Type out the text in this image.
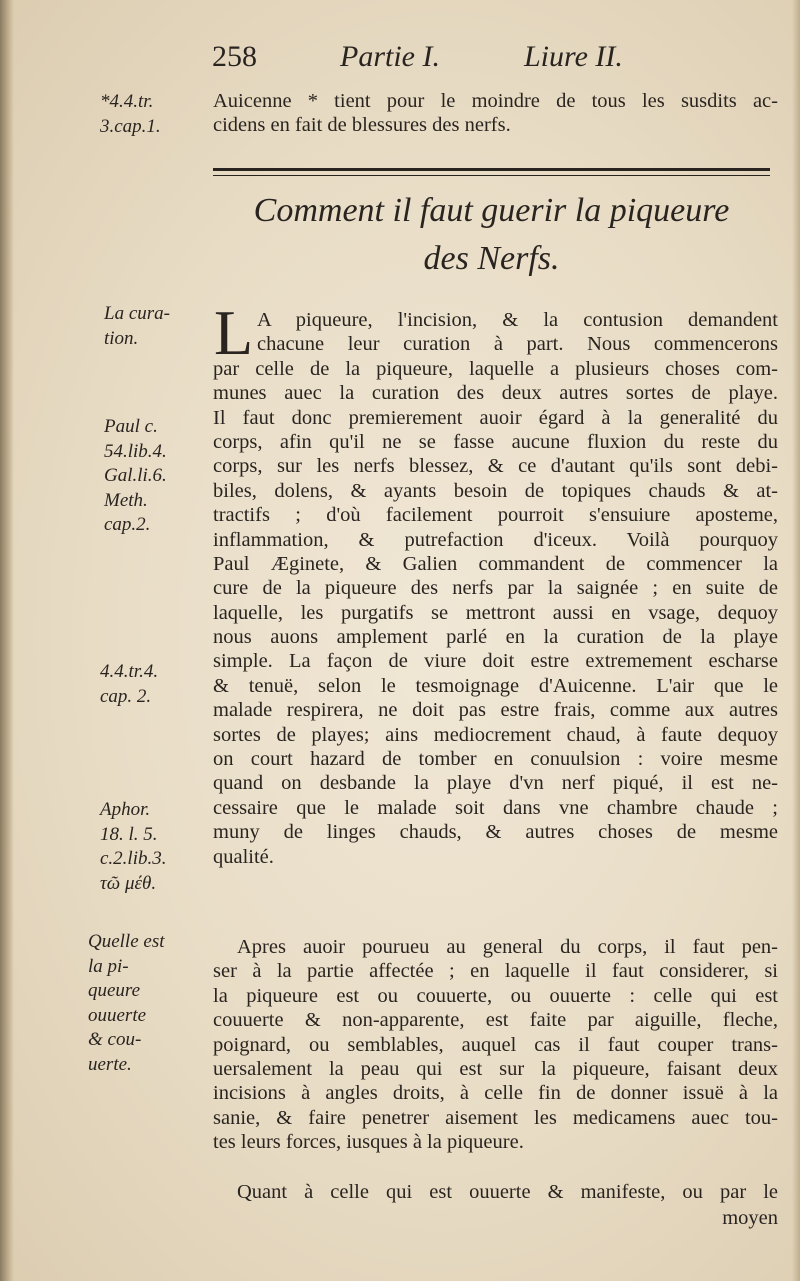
258	Partie I.	Liure II.
*4.4.tr.
3.cap.1.
Auicenne * tient pour le moindre de tous les susdits ac-
cidens en fait de blessures des nerfs.
Comment il faut guerir la piqueure
des Nerfs.
La cura-
tion.
Paul c.
54.lib.4.
Gal.li.6.
Meth.
cap.2.
4.4.tr.4.
cap. 2.
Aphor.
18. l. 5.
c.2.lib.3.
τῶ μέθ.
Quelle est
la pi-
queure
ouuerte
& cou-
uerte.
L A piqueure, l'incision, & la contusion demandent
chacune leur curation à part. Nous commencerons
par celle de la piqueure, laquelle a plusieurs choses com-
munes auec la curation des deux autres sortes de playe.
Il faut donc premierement auoir égard à la generalité du
corps, afin qu'il ne se fasse aucune fluxion du reste du
corps, sur les nerfs blessez, & ce d'autant qu'ils sont debi-
biles, dolens, & ayants besoin de topiques chauds & at-
tractifs ; d'où facilement pourroit s'ensuiure aposteme,
inflammation, & putrefaction d'iceux. Voilà pourquoy
Paul Æginete, & Galien commandent de commencer la
cure de la piqueure des nerfs par la saignée ; en suite de
laquelle, les purgatifs se mettront aussi en vsage, dequoy
nous auons amplement parlé en la curation de la playe
simple. La façon de viure doit estre extremement escharse
& tenuë, selon le tesmoignage d'Auicenne. L'air que le
malade respirera, ne doit pas estre frais, comme aux autres
sortes de playes; ains mediocrement chaud, à faute dequoy
on court hazard de tomber en conuulsion : voire mesme
quand on desbande la playe d'vn nerf piqué, il est ne-
cessaire que le malade soit dans vne chambre chaude ;
muny de linges chauds, & autres choses de mesme
qualité.
Apres auoir pourueu au general du corps, il faut pen-
ser à la partie affectée ; en laquelle il faut considerer, si
la piqueure est ou couuerte, ou ouuerte : celle qui est
couuerte & non-apparente, est faite par aiguille, fleche,
poignard, ou semblables, auquel cas il faut couper trans-
uersalement la peau qui est sur la piqueure, faisant deux
incisions à angles droits, à celle fin de donner issuë à la
sanie, & faire penetrer aisement les medicamens auec tou-
tes leurs forces, iusques à la piqueure.
Quant à celle qui est ouuerte & manifeste, ou par le
moyen
